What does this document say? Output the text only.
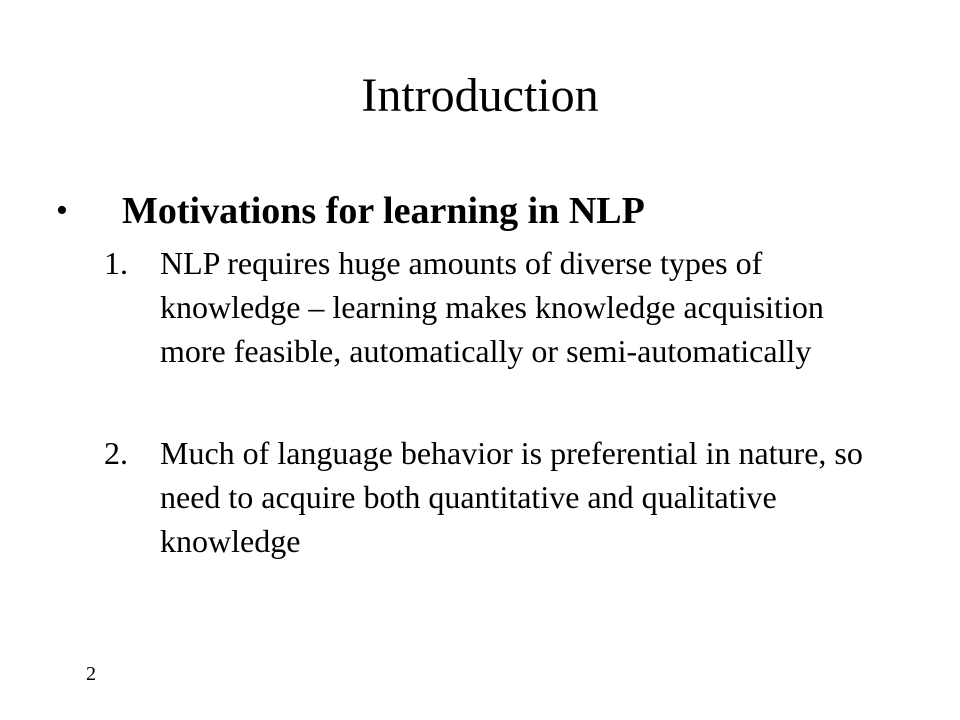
Introduction
•	Motivations for learning in NLP
1.	NLP requires huge amounts of diverse types of knowledge – learning makes knowledge acquisition more feasible, automatically or semi-automatically
2.	Much of language behavior is preferential in nature, so need to acquire both quantitative and qualitative knowledge
2
